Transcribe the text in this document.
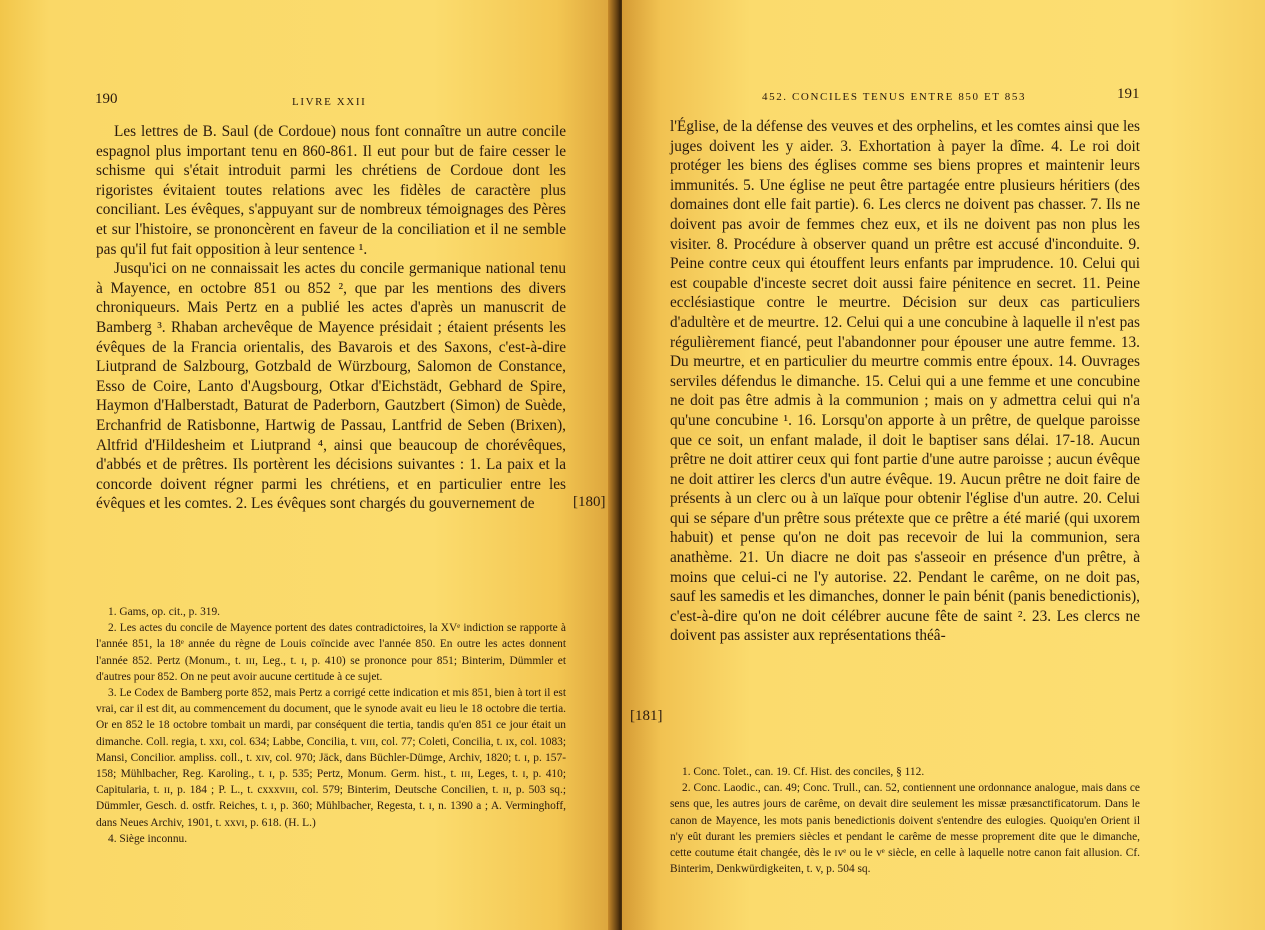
190	LIVRE XXII

Les lettres de B. Saul (de Cordoue) nous font connaître un autre concile espagnol plus important tenu en 860-861. Il eut pour but de faire cesser le schisme qui s'était introduit parmi les chrétiens de Cordoue dont les rigoristes évitaient toutes relations avec les fidèles de caractère plus conciliant. Les évêques, s'appuyant sur de nombreux témoignages des Pères et sur l'histoire, se prononcèrent en faveur de la conciliation et il ne semble pas qu'il fut fait opposition à leur sentence ¹.

Jusqu'ici on ne connaissait les actes du concile germanique national tenu à Mayence, en octobre 851 ou 852 ², que par les mentions des divers chroniqueurs. Mais Pertz en a publié les actes d'après un manuscrit de Bamberg ³. Rhaban archevêque de Mayence présidait ; étaient présents les évêques de la Francia orientalis, des Bavarois et des Saxons, c'est-à-dire Liutprand de Salzbourg, Gotzbald de Würzbourg, Salomon de Constance, Esso de Coire, Lanto d'Augsbourg, Otkar d'Eichstädt, Gebhard de Spire, Haymon d'Halberstadt, Baturat de Paderborn, Gautzbert (Simon) de Suède, Erchanfrid de Ratisbonne, Hartwig de Passau, Lantfrid de Seben (Brixen), Altfrid d'Hildesheim et Liutprand ⁴, ainsi que beaucoup de chorévêques, d'abbés et de prêtres. Ils portèrent les décisions suivantes : 1. La paix et la concorde doivent régner parmi les chrétiens, et en particulier entre les évêques et les comtes. 2. Les évêques sont chargés du gouvernement de

1. Gams, op. cit., p. 319.

2. Les actes du concile de Mayence portent des dates contradictoires, la XVᵉ indiction se rapporte à l'année 851, la 18ᵉ année du règne de Louis coïncide avec l'année 850. En outre les actes donnent l'année 852. Pertz (Monum., t. ɪɪɪ, Leg., t. ɪ, p. 410) se prononce pour 851; Binterim, Dümmler et d'autres pour 852. On ne peut avoir aucune certitude à ce sujet.

3. Le Codex de Bamberg porte 852, mais Pertz a corrigé cette indication et mis 851, bien à tort il est vrai, car il est dit, au commencement du document, que le synode avait eu lieu le 18 octobre die tertia. Or en 852 le 18 octobre tombait un mardi, par conséquent die tertia, tandis qu'en 851 ce jour était un dimanche. Coll. regia, t. xxɪ, col. 634; Labbe, Concilia, t. vɪɪɪ, col. 77; Coleti, Concilia, t. ɪx, col. 1083; Mansi, Concilior. ampliss. coll., t. xɪv, col. 970; Jäck, dans Büchler-Dümge, Archiv, 1820; t. ɪ, p. 157-158; Mühlbacher, Reg. Karoling., t. ɪ, p. 535; Pertz, Monum. Germ. hist., t. ɪɪɪ, Leges, t. ɪ, p. 410; Capitularia, t. ɪɪ, p. 184 ; P. L., t. cxxxvɪɪɪ, col. 579; Binterim, Deutsche Concilien, t. ɪɪ, p. 503 sq.; Dümmler, Gesch. d. ostfr. Reiches, t. ɪ, p. 360; Mühlbacher, Regesta, t. ɪ, n. 1390 a ; A. Verminghoff, dans Neues Archiv, 1901, t. xxvɪ, p. 618. (H. L.)

4. Siège inconnu.

[180]
452. CONCILES TENUS ENTRE 850 ET 853	191

l'Église, de la défense des veuves et des orphelins, et les comtes ainsi que les juges doivent les y aider. 3. Exhortation à payer la dîme. 4. Le roi doit protéger les biens des églises comme ses biens propres et maintenir leurs immunités. 5. Une église ne peut être partagée entre plusieurs héritiers (des domaines dont elle fait partie). 6. Les clercs ne doivent pas chasser. 7. Ils ne doivent pas avoir de femmes chez eux, et ils ne doivent pas non plus les visiter. 8. Procédure à observer quand un prêtre est accusé d'inconduite. 9. Peine contre ceux qui étouffent leurs enfants par imprudence. 10. Celui qui est coupable d'inceste secret doit aussi faire pénitence en secret. 11. Peine ecclésiastique contre le meurtre. Décision sur deux cas particuliers d'adultère et de meurtre. 12. Celui qui a une concubine à laquelle il n'est pas régulièrement fiancé, peut l'abandonner pour épouser une autre femme. 13. Du meurtre, et en particulier du meurtre commis entre époux. 14. Ouvrages serviles défendus le dimanche. 15. Celui qui a une femme et une concubine ne doit pas être admis à la communion ; mais on y admettra celui qui n'a qu'une concubine ¹. 16. Lorsqu'on apporte à un prêtre, de quelque paroisse que ce soit, un enfant malade, il doit le baptiser sans délai. 17-18. Aucun prêtre ne doit attirer ceux qui font partie d'une autre paroisse ; aucun évêque ne doit attirer les clercs d'un autre évêque. 19. Aucun prêtre ne doit faire de présents à un clerc ou à un laïque pour obtenir l'église d'un autre. 20. Celui qui se sépare d'un prêtre sous prétexte que ce prêtre a été marié (qui uxorem habuit) et pense qu'on ne doit pas recevoir de lui la communion, sera anathème. 21. Un diacre ne doit pas s'asseoir en présence d'un prêtre, à moins que celui-ci ne l'y autorise. 22. Pendant le carême, on ne doit pas, sauf les samedis et les dimanches, donner le pain bénit (panis benedictionis), c'est-à-dire qu'on ne doit célébrer aucune fête de saint ². 23. Les clercs ne doivent pas assister aux représentations théâ-

1. Conc. Tolet., can. 19. Cf. Hist. des conciles, § 112.

2. Conc. Laodic., can. 49; Conc. Trull., can. 52, contiennent une ordonnance analogue, mais dans ce sens que, les autres jours de carême, on devait dire seulement les missæ præsanctificatorum. Dans le canon de Mayence, les mots panis benedictionis doivent s'entendre des eulogies. Quoiqu'en Orient il n'y eût durant les premiers siècles et pendant le carême de messe proprement dite que le dimanche, cette coutume était changée, dès le ɪvᵉ ou le vᵉ siècle, en celle à laquelle notre canon fait allusion. Cf. Binterim, Denkwürdigkeiten, t. v, p. 504 sq.

[181]
